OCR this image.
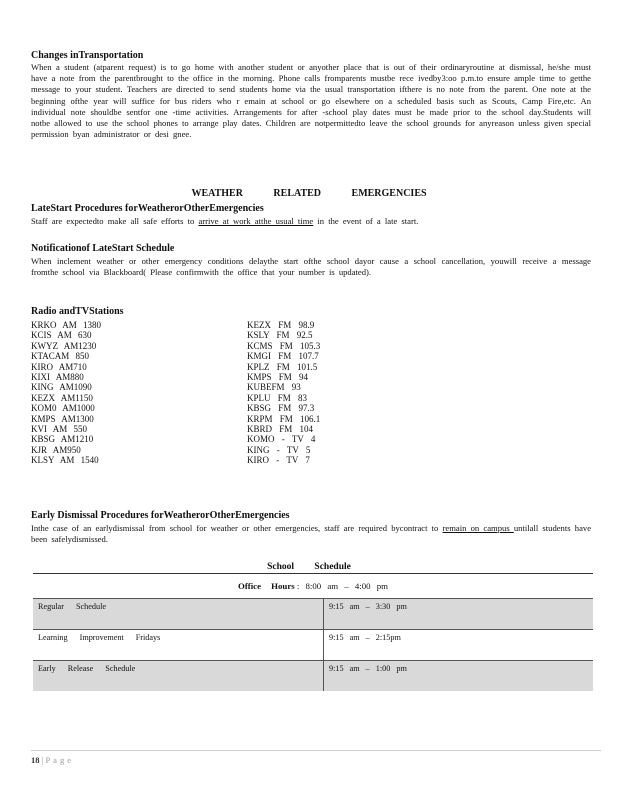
Changes inTransportation
When a student (atparent request) is to go home with another student or anyother place that is out of their ordinaryroutine at dismissal, he/she must have a note from the parentbrought to the office in the morning. Phone calls fromparents mustbe rece ivedby3:oo p.m.to ensure ample time to getthe message to your student. Teachers are directed to send students home via the usual transportation ifthere is no note from the parent. One note at the beginning ofthe year will suffice for bus riders who r emain at school or go elsewhere on a scheduled basis such as Scouts, Camp Fire,etc. An individual note shouldbe sentfor one -time activities. Arrangements for after -school play dates must be made prior to the school day.Students will notbe allowed to use the school phones to arrange play dates. Children are notpermittedto leave the school grounds for anyreason unless given special permission byan administrator or desi gnee.
WEATHER RELATED EMERGENCIES
LateStart Procedures forWeatherorOtherEmergencies
Staff are expectedto make all safe efforts to arrive at work atthe usual time in the event of a late start.
Notificationof LateStart Schedule
When inclement weather or other emergency conditions delaythe start ofthe school dayor cause a school cancellation, youwill receive a message fromthe school via Blackboard( Please confirmwith the office that your number is updated).
Radio andTVStations
KRKO AM 1380
KCIS AM 630
KWYZ AM1230
KTACAM 850
KIRO AM710
KIXI AM880
KING AM1090
KEZX AM1150
KOM0 AM1000
KMPS AM1300
KVI AM 550
KBSG AM1210
KJR AM950
KLSY AM 1540
KEZX FM 98.9
KSLY FM 92.5
KCMS FM 105.3
KMGI FM 107.7
KPLZ FM 101.5
KMPS FM 94
KUBEFM 93
KPLU FM 83
KBSG FM 97.3
KRPM FM 106.1
KBRD FM 104
KOMO - TV 4
KING - TV 5
KIRO - TV 7
Early Dismissal Procedures forWeatherorOtherEmergencies
Inthe case of an earlydismissal from school for weather or other emergencies, staff are required bycontract to remain on campus untilall students have been safelydismissed.
School Schedule
Office Hours : 8:00 am – 4:00 pm	
Regular Schedule	9:15 am – 3:30 pm
Learning Improvement Fridays	9:15 am – 2:15pm
Early Release Schedule	9:15 am – 1:00 pm
18 | Page
